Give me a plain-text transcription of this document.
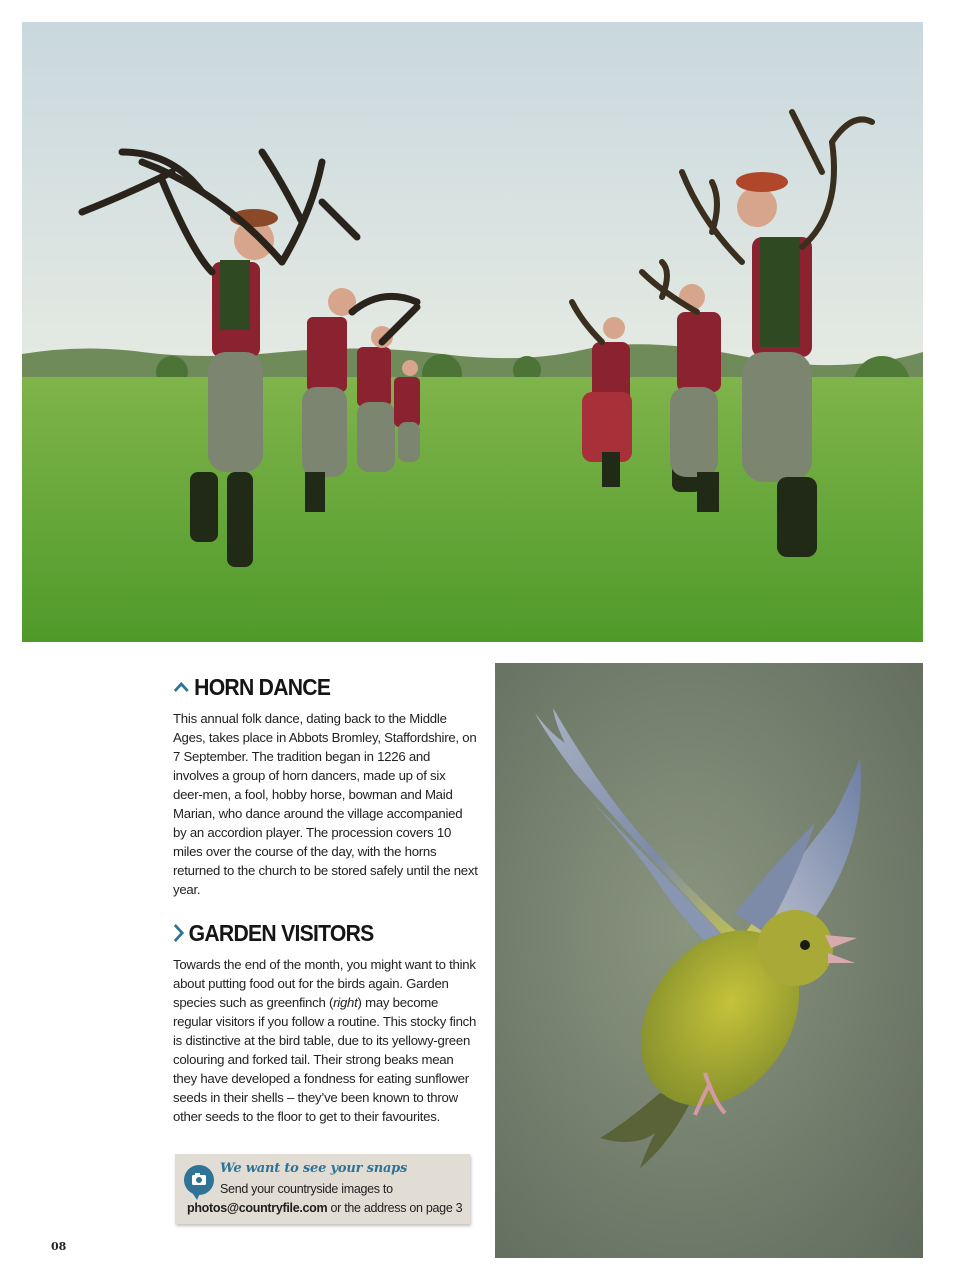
HORN DANCE

This annual folk dance, dating back to the Middle Ages, takes place in Abbots Bromley, Staffordshire, on 7 September. The tradition began in 1226 and involves a group of horn dancers, made up of six deer-men, a fool, hobby horse, bowman and Maid Marian, who dance around the village accompanied by an accordion player. The procession covers 10 miles over the course of the day, with the horns returned to the church to be stored safely until the next year.

GARDEN VISITORS

Towards the end of the month, you might want to think about putting food out for the birds again. Garden species such as greenfinch (right) may become regular visitors if you follow a routine. This stocky finch is distinctive at the bird table, due to its yellowy-green colouring and forked tail. Their strong beaks mean they have developed a fondness for eating sunflower seeds in their shells – they’ve been known to throw other seeds to the floor to get to their favourites.

We want to see your snaps
Send your countryside images to
photos@countryfile.com or the address on page 3
08
